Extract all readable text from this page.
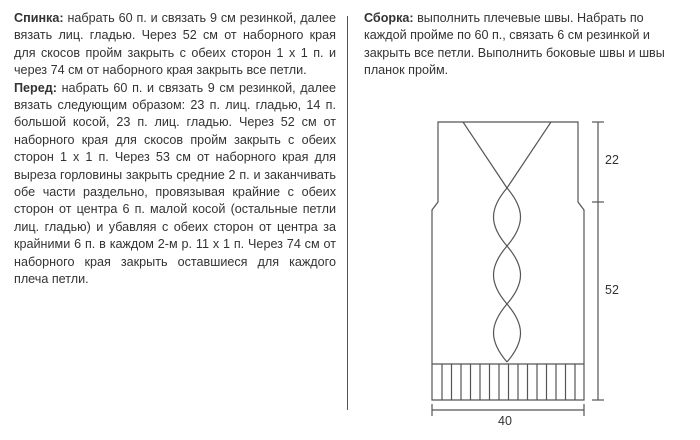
Спинка: набрать 60 п. и связать 9 см резинкой, далее вязать лиц. гладью. Через 52 см от наборного края для скосов пройм закрыть с обеих сторон 1 х 1 п. и через 74 см от наборного края закрыть все петли.

Перед: набрать 60 п. и связать 9 см резинкой, далее вязать следующим образом: 23 п. лиц. гладью, 14 п. большой косой, 23 п. лиц. гладью. Через 52 см от наборного края для скосов пройм закрыть с обеих сторон 1 х 1 п. Через 53 см от наборного края для выреза горловины закрыть средние 2 п. и заканчивать обе части раздельно, провязывая крайние с обеих сторон от центра 6 п. малой косой (остальные петли лиц. гладью) и убавляя с обеих сторон от центра за крайними 6 п. в каждом 2-м р. 11 х 1 п. Через 74 см от наборного края закрыть оставшиеся для каждого плеча петли.

Сборка: выполнить плечевые швы. Набрать по каждой пройме по 60 п., связать 6 см резинкой и закрыть все петли. Выполнить боковые швы и швы планок пройм.

22
52
40
